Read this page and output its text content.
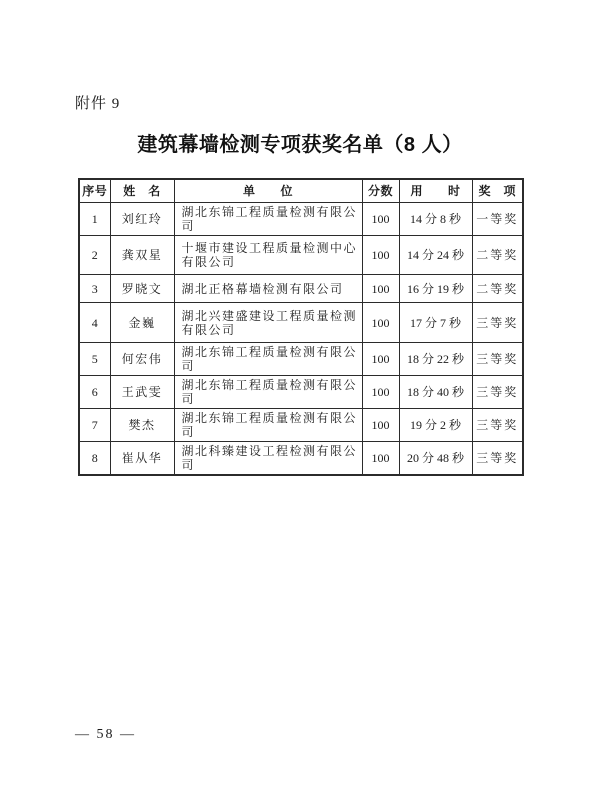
附件 9
建筑幕墙检测专项获奖名单（8 人）
序号	姓　名	单　　位	分数	用　　时	奖　项
1	刘红玲	湖北东锦工程质量检测有限公司	100	14 分 8 秒	一等奖
2	龚双星	十堰市建设工程质量检测中心有限公司	100	14 分 24 秒	二等奖
3	罗晓文	湖北正格幕墙检测有限公司	100	16 分 19 秒	二等奖
4	金巍	湖北兴建盛建设工程质量检测有限公司	100	17 分 7 秒	三等奖
5	何宏伟	湖北东锦工程质量检测有限公司	100	18 分 22 秒	三等奖
6	王武雯	湖北东锦工程质量检测有限公司	100	18 分 40 秒	三等奖
7	樊杰	湖北东锦工程质量检测有限公司	100	19 分 2 秒	三等奖
8	崔从华	湖北科臻建设工程检测有限公司	100	20 分 48 秒	三等奖
— 58 —
